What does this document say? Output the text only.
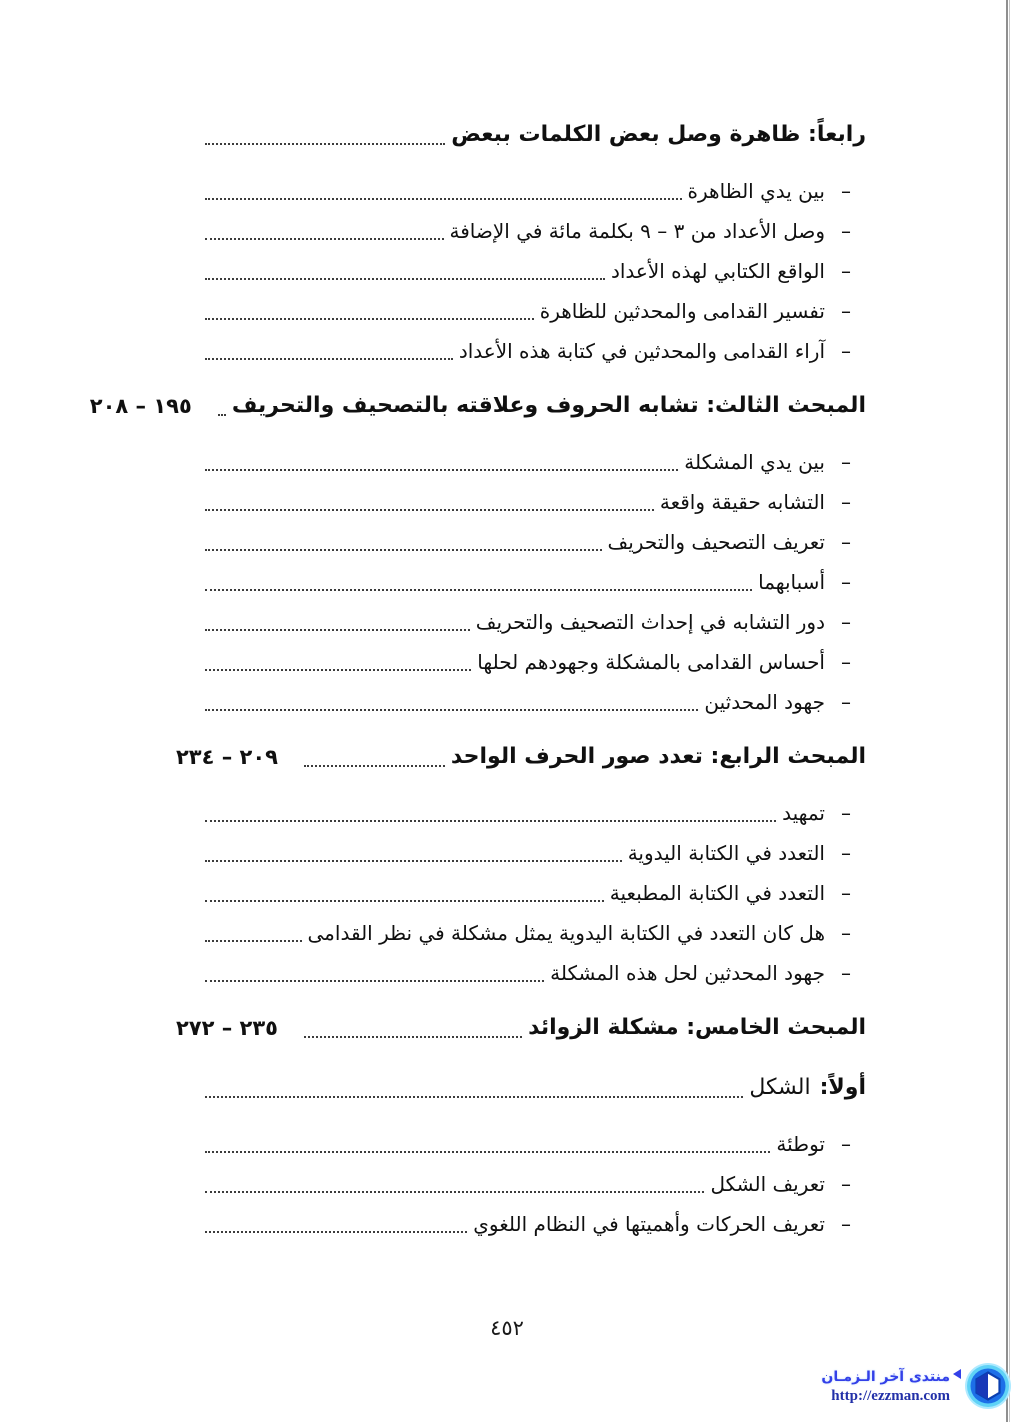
رابعاً: ظاهرة وصل بعض الكلمات ببعض
–
بين يدي الظاهرة
–
وصل الأعداد من ٣ – ٩ بكلمة مائة في الإضافة
–
الواقع الكتابي لهذه الأعداد
–
تفسير القدامى والمحدثين للظاهرة
–
آراء القدامى والمحدثين في كتابة هذه الأعداد
المبحث الثالث: تشابه الحروف وعلاقته بالتصحيف والتحريف
١٩٥ – ٢٠٨
–
بين يدي المشكلة
–
التشابه حقيقة واقعة
–
تعريف التصحيف والتحريف
–
أسبابهما
–
دور التشابه في إحداث التصحيف والتحريف
–
أحساس القدامى بالمشكلة وجهودهم لحلها
–
جهود المحدثين
المبحث الرابع: تعدد صور الحرف الواحد
٢٠٩ – ٢٣٤
–
تمهيد
–
التعدد في الكتابة اليدوية
–
التعدد في الكتابة المطبعية
–
هل كان التعدد في الكتابة اليدوية يمثل مشكلة في نظر القدامى
–
جهود المحدثين لحل هذه المشكلة
المبحث الخامس: مشكلة الزوائد
٢٣٥ – ٢٧٢
أولاً:
الشكل
–
توطئة
–
تعريف الشكل
–
تعريف الحركات وأهميتها في النظام اللغوي
٤٥٢
منتدى آخر الـزمـان
http://ezzman.com
